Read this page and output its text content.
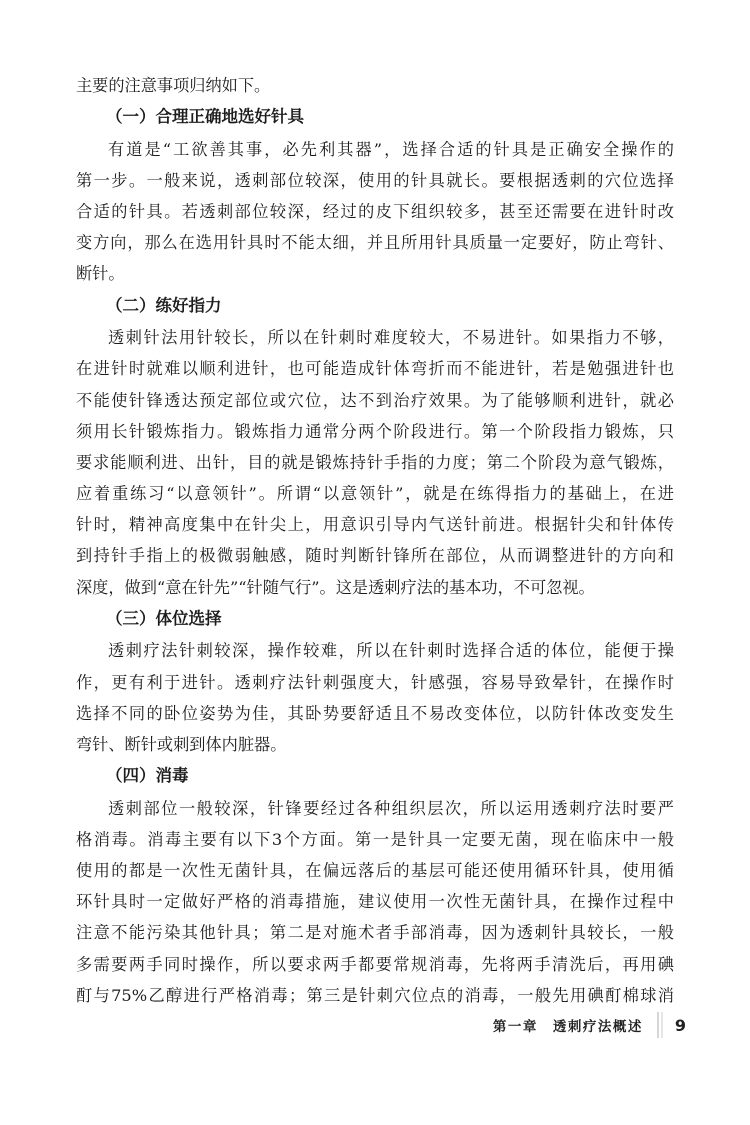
主要的注意事项归纳如下。
（一）合理正确地选好针具
有道是“工欲善其事，必先利其器”，选择合适的针具是正确安全操作的
第一步。一般来说，透刺部位较深，使用的针具就长。要根据透刺的穴位选择
合适的针具。若透刺部位较深，经过的皮下组织较多，甚至还需要在进针时改
变方向，那么在选用针具时不能太细，并且所用针具质量一定要好，防止弯针、
断针。
（二）练好指力
透刺针法用针较长，所以在针刺时难度较大，不易进针。如果指力不够，
在进针时就难以顺利进针，也可能造成针体弯折而不能进针，若是勉强进针也
不能使针锋透达预定部位或穴位，达不到治疗效果。为了能够顺利进针，就必
须用长针锻炼指力。锻炼指力通常分两个阶段进行。第一个阶段指力锻炼，只
要求能顺利进、出针，目的就是锻炼持针手指的力度；第二个阶段为意气锻炼，
应着重练习“以意领针”。所谓“以意领针”，就是在练得指力的基础上，在进
针时，精神高度集中在针尖上，用意识引导内气送针前进。根据针尖和针体传
到持针手指上的极微弱触感，随时判断针锋所在部位，从而调整进针的方向和
深度，做到“意在针先”“针随气行”。这是透刺疗法的基本功，不可忽视。
（三）体位选择
透刺疗法针刺较深，操作较难，所以在针刺时选择合适的体位，能便于操
作，更有利于进针。透刺疗法针刺强度大，针感强，容易导致晕针，在操作时
选择不同的卧位姿势为佳，其卧势要舒适且不易改变体位，以防针体改变发生
弯针、断针或刺到体内脏器。
（四）消毒
透刺部位一般较深，针锋要经过各种组织层次，所以运用透刺疗法时要严
格消毒。消毒主要有以下3个方面。第一是针具一定要无菌，现在临床中一般
使用的都是一次性无菌针具，在偏远落后的基层可能还使用循环针具，使用循
环针具时一定做好严格的消毒措施，建议使用一次性无菌针具，在操作过程中
注意不能污染其他针具；第二是对施术者手部消毒，因为透刺针具较长，一般
多需要两手同时操作，所以要求两手都要常规消毒，先将两手清洗后，再用碘
酊与75%乙醇进行严格消毒；第三是针刺穴位点的消毒，一般先用碘酊棉球消
第一章　透刺疗法概述 9
